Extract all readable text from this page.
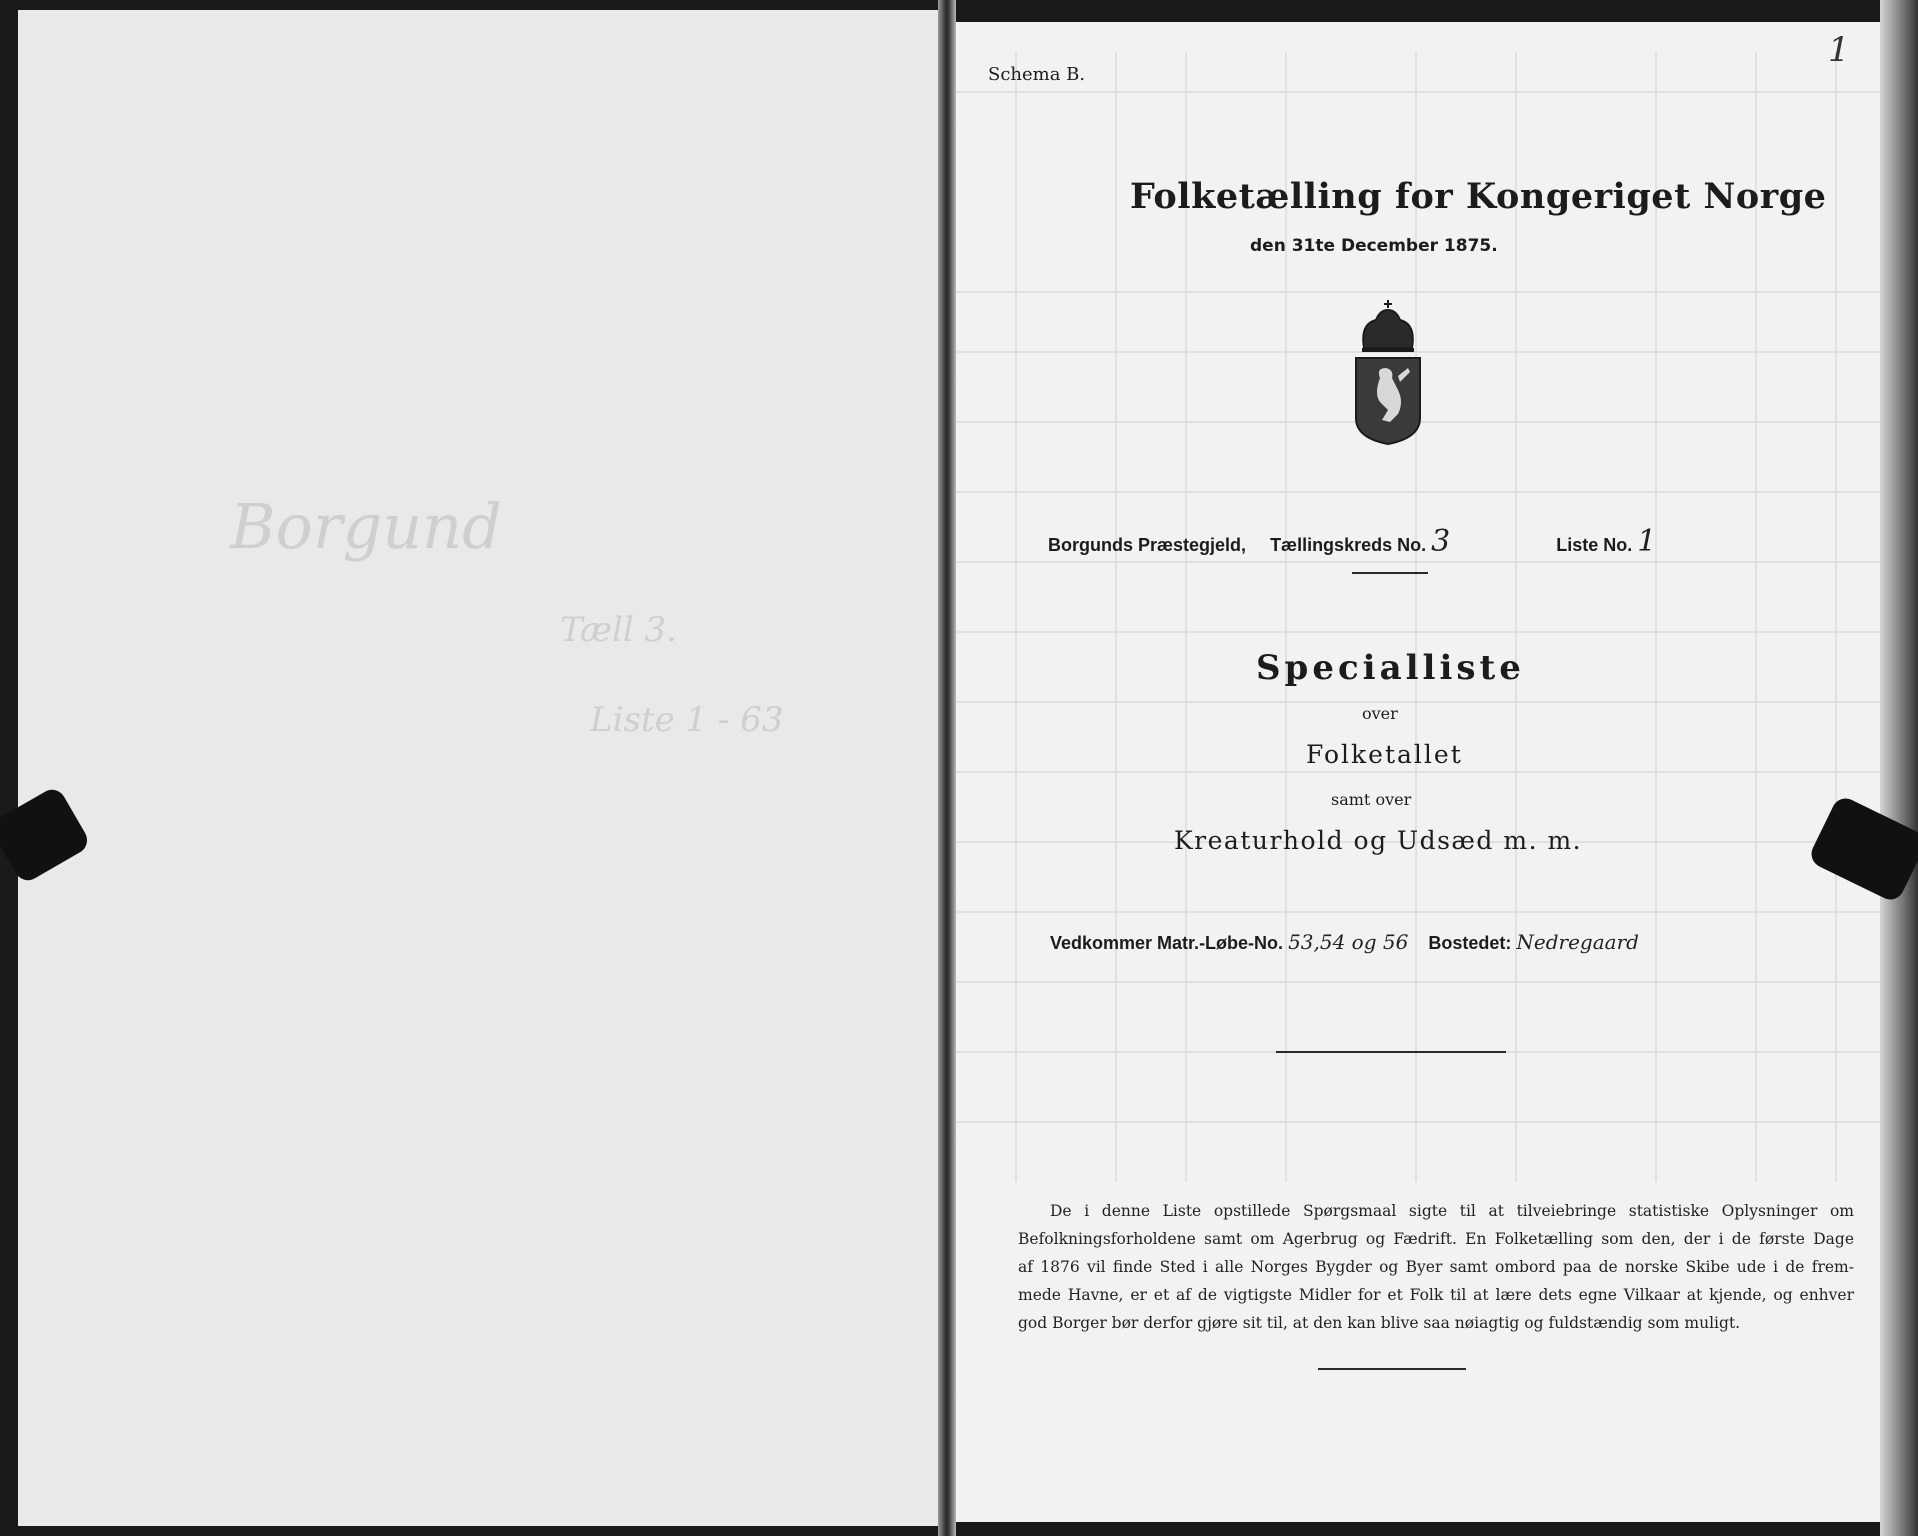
Borgund
Tæll 3.
Liste 1 - 63
Schema B.
1
Folketælling for Kongeriget Norge
den 31te December 1875.
Borgunds Præstegjeld, Tællingskreds No. 3	Liste No. 1
Specialliste
over
Folketallet
samt over
Kreaturhold og Udsæd m. m.
Vedkommer Matr.-Løbe-No. 53,54 og 56 Bostedet: Nedregaard
De i denne Liste opstillede Spørgsmaal sigte til at tilveiebringe statistiske Oplysninger om
Befolkningsforholdene samt om Agerbrug og Fædrift. En Folketælling som den, der i de første Dage
af 1876 vil finde Sted i alle Norges Bygder og Byer samt ombord paa de norske Skibe ude i de frem-
mede Havne, er et af de vigtigste Midler for et Folk til at lære dets egne Vilkaar at kjende, og enhver
god Borger bør derfor gjøre sit til, at den kan blive saa nøiagtig og fuldstændig som muligt.
